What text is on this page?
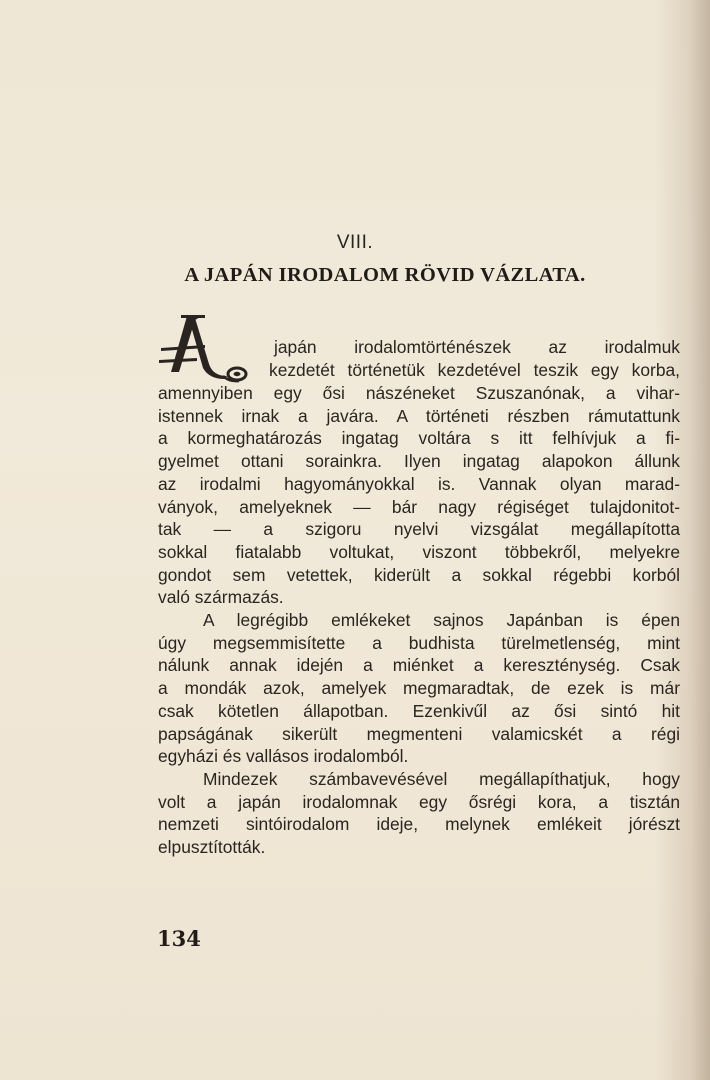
VIII.
A JAPÁN IRODALOM RÖVID VÁZLATA.
japán irodalomtörténészek az irodalmuk
kezdetét történetük kezdetével teszik egy korba,
amennyiben egy ősi nászéneket Szuszanónak, a vihar-
istennek irnak a javára. A történeti részben rámutattunk
a kormeghatározás ingatag voltára s itt felhívjuk a fi-
gyelmet ottani sorainkra. Ilyen ingatag alapokon állunk
az irodalmi hagyományokkal is. Vannak olyan marad-
ványok, amelyeknek — bár nagy régiséget tulajdonitot-
tak — a szigoru nyelvi vizsgálat megállapította
sokkal fiatalabb voltukat, viszont többekről, melyekre
gondot sem vetettek, kiderült a sokkal régebbi korból
való származás.
A legrégibb emlékeket sajnos Japánban is épen
úgy megsemmisítette a budhista türelmetlenség, mint
nálunk annak idején a miénket a kereszténység. Csak
a mondák azok, amelyek megmaradtak, de ezek is már
csak kötetlen állapotban. Ezenkivűl az ősi sintó hit
papságának sikerült megmenteni valamicskét a régi
egyházi és vallásos irodalomból.
Mindezek számbavevésével megállapíthatjuk, hogy
volt a japán irodalomnak egy ősrégi kora, a tisztán
nemzeti sintóirodalom ideje, melynek emlékeit jórészt
elpusztították.
134
